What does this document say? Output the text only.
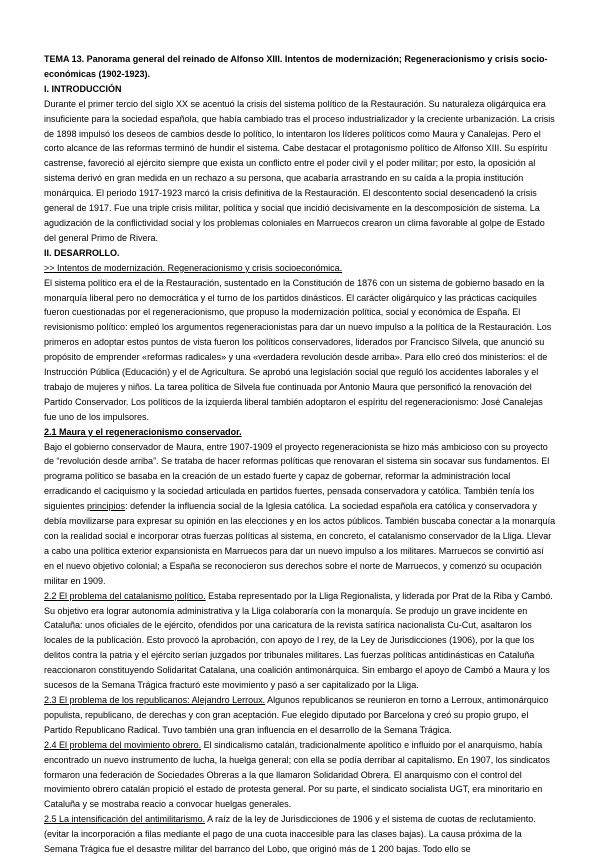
TEMA 13. Panorama general del reinado de Alfonso XIII. Intentos de modernización; Regeneracionismo y crisis socio-económicas (1902-1923).

I. INTRODUCCIÓN

Durante el primer tercio del siglo XX se acentuó la crisis del sistema político de la Restauración. Su naturaleza oligárquica era insuficiente para la sociedad española, que había cambiado tras el proceso industrializador y la creciente urbanización. La crisis de 1898 impulsó los deseos de cambios desde lo político, lo intentaron los líderes políticos como Maura y Canalejas. Pero el corto alcance de las reformas terminó de hundir el sistema. Cabe destacar el protagonismo político de Alfonso XIII. Su espíritu castrense, favoreció al ejército siempre que exista un conflicto entre el poder civil y el poder militar; por esto, la oposición al sistema derivó en gran medida en un rechazo a su persona, que acabaría arrastrando en su caída a la propia institución monárquica. El periodo 1917-1923 marcó la crisis definitiva de la Restauración. El descontento social desencadenó la crisis general de 1917. Fue una triple crisis militar, política y social que incidió decisivamente en la descomposición de sistema. La agudización de la conflictividad social y los problemas coloniales en Marruecos crearon un clima favorable al golpe de Estado del general Primo de Rivera.

II. DESARROLLO.

>> Intentos de modernización. Regeneracionismo y crisis socioeconómica.

El sistema político era el de la Restauración, sustentado en la Constitución de 1876 con un sistema de gobierno basado en la monarquía liberal pero no democrática y el turno de los partidos dinásticos. El carácter oligárquico y las prácticas caciquiles fueron cuestionadas por el regeneracionismo, que propuso la modernización política, social y económica de España. El revisionismo político: empleó los argumentos regeneracionistas para dar un nuevo impulso a la política de la Restauración. Los primeros en adoptar estos puntos de vista fueron los políticos conservadores, liderados por Francisco Silvela, que anunció su propósito de emprender «reformas radicales» y una «verdadera revolución desde arriba». Para ello creó dos ministerios: el de Instrucción Pública (Educación) y el de Agricultura. Se aprobó una legislación social que reguló los accidentes laborales y el trabajo de mujeres y niños. La tarea política de Silvela fue continuada por Antonio Maura que personificó la renovación del Partido Conservador. Los políticos de la izquierda liberal también adoptaron el espíritu del regeneracionismo: José Canalejas fue uno de los impulsores.

2.1 Maura y el regeneracionismo conservador.

Bajo el gobierno conservador de Maura, entre 1907-1909 el proyecto regeneracionista se hizo más ambicioso con su proyecto de “revolución desde arriba”. Se trataba de hacer reformas políticas que renovaran el sistema sin socavar sus fundamentos. El programa político se basaba en la creación de un estado fuerte y capaz de gobernar, reformar la administración local erradicando el caciquismo y la sociedad articulada en partidos fuertes, pensada conservadora y católica. También tenía los siguientes principios: defender la influencia social de la Iglesia católica. La sociedad española era católica y conservadora y debía movilizarse para expresar su opinión en las elecciones y en los actos públicos. También buscaba conectar a la monarquía con la realidad social e incorporar otras fuerzas políticas al sistema, en concreto, el catalanismo conservador de la Lliga. Llevar a cabo una política exterior expansionista en Marruecos para dar un nuevo impulso a los militares. Marruecos se convirtió así en el nuevo objetivo colonial; a España se reconocieron sus derechos sobre el norte de Marruecos, y comenzó su ocupación militar en 1909.

2.2 El problema del catalanismo político. Estaba representado por la Lliga Regionalista, y liderada por Prat de la Riba y Cambó. Su objetivo era lograr autonomía administrativa y la Lliga colaboraría con la monarquía. Se produjo un grave incidente en Cataluña: unos oficiales de le ejército, ofendidos por una caricatura de la revista satírica nacionalista Cu-Cut, asaltaron los locales de la publicación. Esto provocó la aprobación, con apoyo de l rey, de la Ley de Jurisdicciones (1906), por la que los delitos contra la patria y el ejército serían juzgados por tribunales militares. Las fuerzas políticas antidinásticas en Cataluña reaccionaron constituyendo Solidaritat Catalana, una coalición antimonárquica. Sin embargo el apoyo de Cambó a Maura y los sucesos de la Semana Trágica fracturó este movimiento y pasó a ser capitalizado por la Lliga.

2.3 El problema de los republicanos: Alejandro Lerroux. Algunos republicanos se reunieron en torno a Lerroux, antimonárquico populista, republicano, de derechas y con gran aceptación. Fue elegido diputado por Barcelona y creó su propio grupo, el Partido Republicano Radical. Tuvo también una gran influencia en el desarrollo de la Semana Trágica.

2.4 El problema del movimiento obrero. El sindicalismo catalán, tradicionalmente apolítico e influido por el anarquismo, había encontrado un nuevo instrumento de lucha, la huelga general; con ella se podía derribar al capitalismo. En 1907, los sindicatos formaron una federación de Sociedades Obreras a la que llamaron Solidaridad Obrera. El anarquismo con el control del movimiento obrero catalán propició el estado de protesta general. Por su parte, el sindicato socialista UGT, era minoritario en Cataluña y se mostraba reacio a convocar huelgas generales.

2.5 La intensificación del antimilitarismo. A raíz de la ley de Jurisdicciones de 1906 y el sistema de cuotas de reclutamiento. (evitar la incorporación a filas mediante el pago de una cuota inaccesible para las clases bajas). La causa próxima de la Semana Trágica fue el desastre militar del barranco del Lobo, que originó más de 1 200 bajas. Todo ello se
